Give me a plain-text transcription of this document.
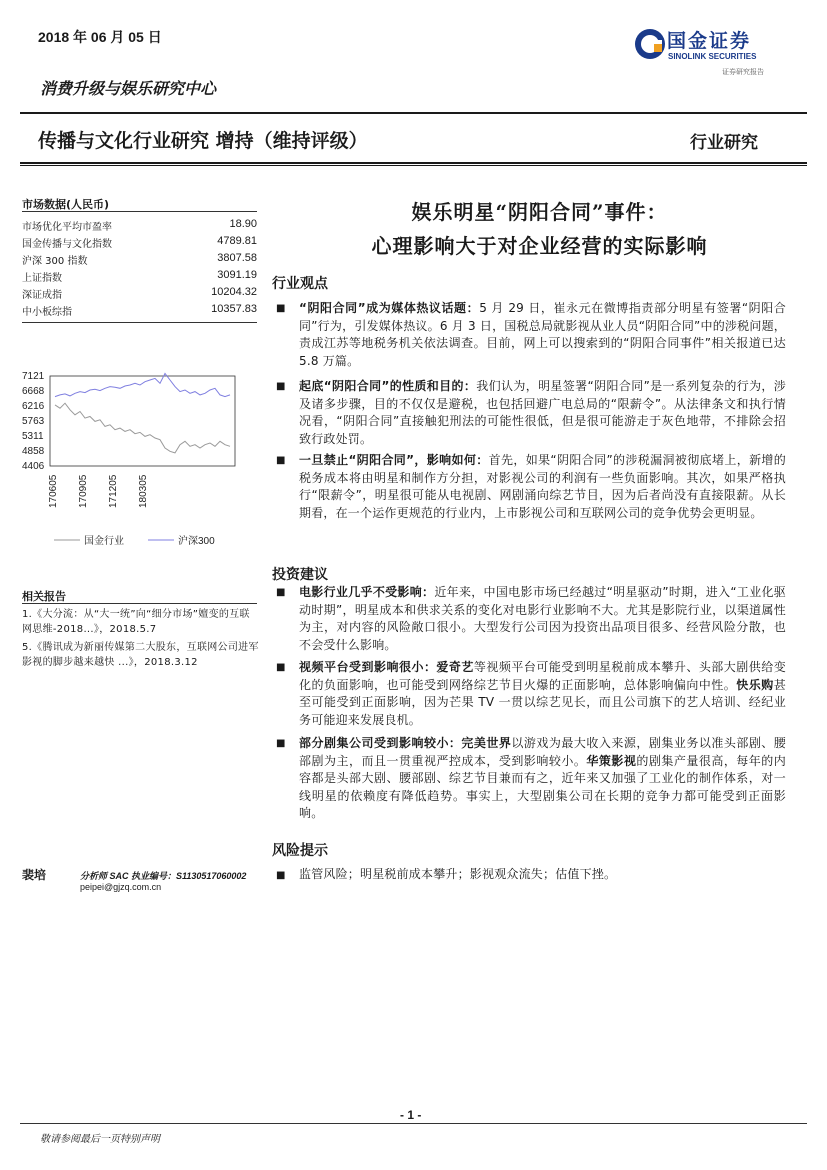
2018 年 06 月 05 日	国金证券
SINOLINK SECURITIES
证券研究报告
消费升级与娱乐研究中心
传播与文化行业研究 增持（维持评级）	行业研究
市场数据(人民币)
市场优化平均市盈率	18.90
国金传播与文化指数	4789.81
沪深 300 指数	3807.58
上证指数	3091.19
深证成指	10204.32
中小板综指	10357.83
7121
6668
6216
5763
5311
4858
4406
170605 170905 171205 180305
国金行业	沪深300
相关报告
1.《大分流：从“大一统”向“细分市场”嬗变的互联网思维-2018...》，2018.5.7
5.《腾讯成为新丽传媒第二大股东，互联网公司进军影视的脚步越来越快 ...》，2018.3.12
裴培	分析师 SAC 执业编号：S1130517060002
peipei@gjzq.com.cn
娱乐明星“阴阳合同”事件：
心理影响大于对企业经营的实际影响
行业观点
■ “阴阳合同”成为媒体热议话题：5 月 29 日，崔永元在微博指责部分明星有签署“阴阳合同”行为，引发媒体热议。6 月 3 日，国税总局就影视从业人员“阴阳合同”中的涉税问题，责成江苏等地税务机关依法调查。目前，网上可以搜索到的“阴阳合同事件”相关报道已达 5.8 万篇。
■ 起底“阴阳合同”的性质和目的：我们认为，明星签署“阴阳合同”是一系列复杂的行为，涉及诸多步骤，目的不仅仅是避税，也包括回避广电总局的“限薪令”。从法律条文和执行情况看，“阴阳合同”直接触犯刑法的可能性很低，但是很可能游走于灰色地带，不排除会招致行政处罚。
■ 一旦禁止“阴阳合同”，影响如何：首先，如果“阴阳合同”的涉税漏洞被彻底堵上，新增的税务成本将由明星和制作方分担，对影视公司的利润有一些负面影响。其次，如果严格执行“限薪令”，明星很可能从电视剧、网剧涌向综艺节目，因为后者尚没有直接限薪。从长期看，在一个运作更规范的行业内，上市影视公司和互联网公司的竞争优势会更明显。
投资建议
■ 电影行业几乎不受影响：近年来，中国电影市场已经越过“明星驱动”时期，进入“工业化驱动时期”，明星成本和供求关系的变化对电影行业影响不大。尤其是影院行业，以渠道属性为主，对内容的风险敞口很小。大型发行公司因为投资出品项目很多、经营风险分散，也不会受什么影响。
■ 视频平台受到影响很小：爱奇艺等视频平台可能受到明星税前成本攀升、头部大剧供给变化的负面影响，也可能受到网络综艺节目火爆的正面影响，总体影响偏向中性。快乐购甚至可能受到正面影响，因为芒果 TV 一贯以综艺见长，而且公司旗下的艺人培训、经纪业务可能迎来发展良机。
■ 部分剧集公司受到影响较小：完美世界以游戏为最大收入来源，剧集业务以准头部剧、腰部剧为主，而且一贯重视严控成本，受到影响较小。华策影视的剧集产量很高，每年的内容都是头部大剧、腰部剧、综艺节目兼而有之，近年来又加强了工业化的制作体系，对一线明星的依赖度有降低趋势。事实上，大型剧集公司在长期的竞争力都可能受到正面影响。
风险提示
■ 监管风险；明星税前成本攀升；影视观众流失；估值下挫。
- 1 -
敬请参阅最后一页特别声明
